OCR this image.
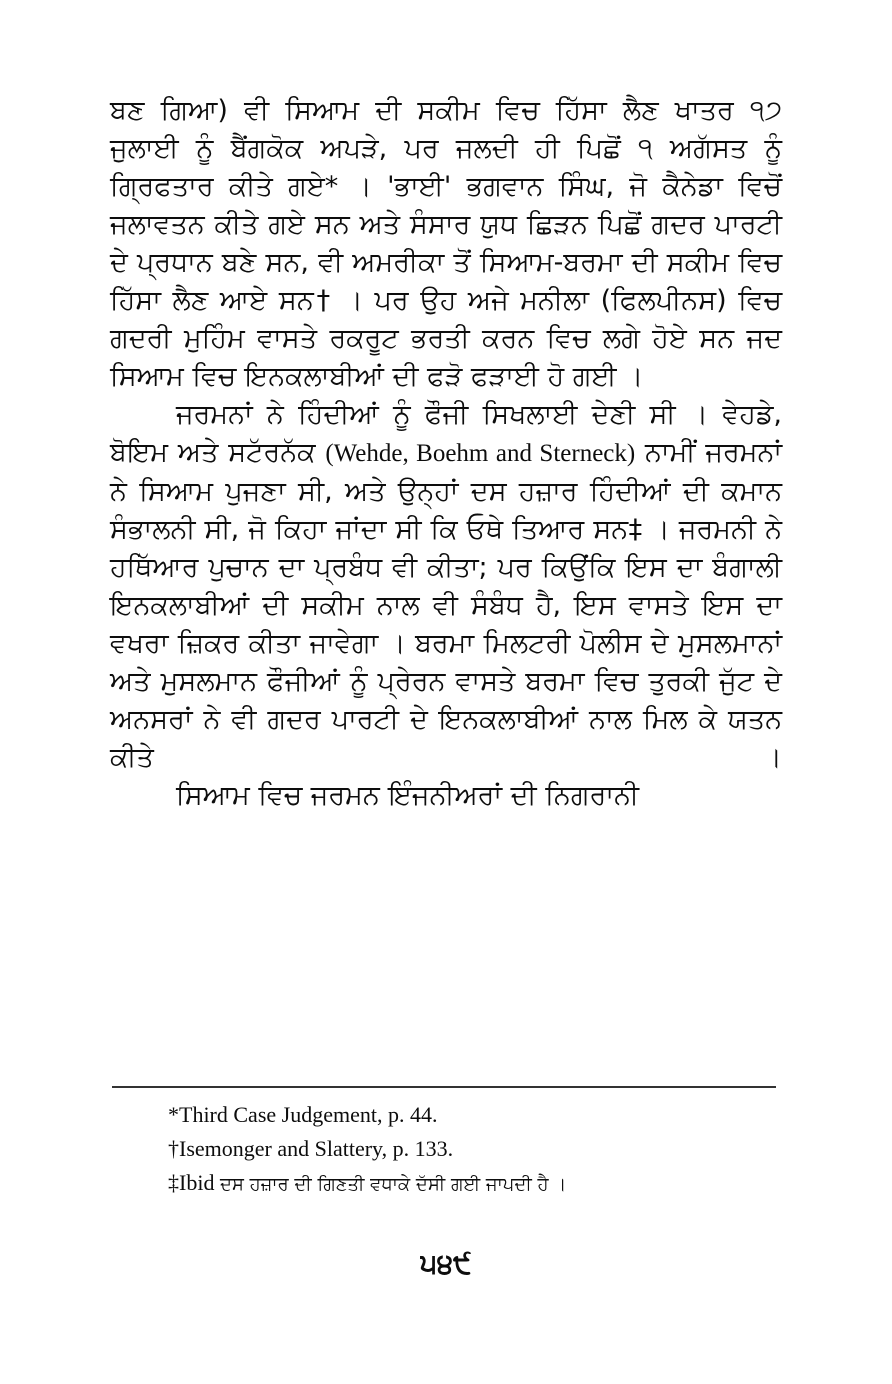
ਬਣ ਗਿਆ) ਵੀ ਸਿਆਮ ਦੀ ਸਕੀਮ ਵਿਚ ਹਿੱਸਾ ਲੈਣ ਖਾਤਰ ੧੭ ਜੁਲਾਈ ਨੂੰ ਬੈਂਗਕੋਕ ਅਪੜੇ, ਪਰ ਜਲਦੀ ਹੀ ਪਿਛੋਂ ੧ ਅਗੱਸਤ ਨੂੰ ਗ੍ਰਿਫਤਾਰ ਕੀਤੇ ਗਏ* । 'ਭਾਈ' ਭਗਵਾਨ ਸਿੰਘ, ਜੋ ਕੈਨੇਡਾ ਵਿਚੋਂ ਜਲਾਵਤਨ ਕੀਤੇ ਗਏ ਸਨ ਅਤੇ ਸੰਸਾਰ ਯੁਧ ਛਿੜਨ ਪਿਛੋਂ ਗਦਰ ਪਾਰਟੀ ਦੇ ਪ੍ਰਧਾਨ ਬਣੇ ਸਨ, ਵੀ ਅਮਰੀਕਾ ਤੋਂ ਸਿਆਮ-ਬਰਮਾ ਦੀ ਸਕੀਮ ਵਿਚ ਹਿੱਸਾ ਲੈਣ ਆਏ ਸਨ† । ਪਰ ਉਹ ਅਜੇ ਮਨੀਲਾ (ਫਿਲਪੀਨਸ) ਵਿਚ ਗਦਰੀ ਮੁਹਿੰਮ ਵਾਸਤੇ ਰਕਰੂਟ ਭਰਤੀ ਕਰਨ ਵਿਚ ਲਗੇ ਹੋਏ ਸਨ ਜਦ ਸਿਆਮ ਵਿਚ ਇਨਕਲਾਬੀਆਂ ਦੀ ਫੜੋ ਫੜਾਈ ਹੋ ਗਈ ।

ਜਰਮਨਾਂ ਨੇ ਹਿੰਦੀਆਂ ਨੂੰ ਫੌਜੀ ਸਿਖਲਾਈ ਦੇਣੀ ਸੀ । ਵੇਹਡੇ, ਬੋਇਮ ਅਤੇ ਸਟੱਰਨੱਕ (Wehde, Boehm and Sterneck) ਨਾਮੀਂ ਜਰਮਨਾਂ ਨੇ ਸਿਆਮ ਪੁਜਣਾ ਸੀ, ਅਤੇ ਉਨ੍ਹਾਂ ਦਸ ਹਜ਼ਾਰ ਹਿੰਦੀਆਂ ਦੀ ਕਮਾਨ ਸੰਭਾਲਨੀ ਸੀ, ਜੋ ਕਿਹਾ ਜਾਂਦਾ ਸੀ ਕਿ ਓਥੇ ਤਿਆਰ ਸਨ‡ । ਜਰਮਨੀ ਨੇ ਹਥਿੱਆਰ ਪੁਚਾਨ ਦਾ ਪ੍ਰਬੰਧ ਵੀ ਕੀਤਾ; ਪਰ ਕਿਉਂਕਿ ਇਸ ਦਾ ਬੰਗਾਲੀ ਇਨਕਲਾਬੀਆਂ ਦੀ ਸਕੀਮ ਨਾਲ ਵੀ ਸੰਬੰਧ ਹੈ, ਇਸ ਵਾਸਤੇ ਇਸ ਦਾ ਵਖਰਾ ਜ਼ਿਕਰ ਕੀਤਾ ਜਾਵੇਗਾ । ਬਰਮਾ ਮਿਲਟਰੀ ਪੋਲੀਸ ਦੇ ਮੁਸਲਮਾਨਾਂ ਅਤੇ ਮੁਸਲਮਾਨ ਫੌਜੀਆਂ ਨੂੰ ਪ੍ਰੇਰਨ ਵਾਸਤੇ ਬਰਮਾ ਵਿਚ ਤੁਰਕੀ ਜੁੱਟ ਦੇ ਅਨਸਰਾਂ ਨੇ ਵੀ ਗਦਰ ਪਾਰਟੀ ਦੇ ਇਨਕਲਾਬੀਆਂ ਨਾਲ ਮਿਲ ਕੇ ਯਤਨ ਕੀਤੇ ।

ਸਿਆਮ ਵਿਚ ਜਰਮਨ ਇੰਜਨੀਅਰਾਂ ਦੀ ਨਿਗਰਾਨੀ

*Third Case Judgement, p. 44.

†Isemonger and Slattery, p. 133.

‡Ibid ਦਸ ਹਜ਼ਾਰ ਦੀ ਗਿਣਤੀ ਵਧਾਕੇ ਦੱਸੀ ਗਈ ਜਾਪਦੀ ਹੈ ।

੫੪੯
